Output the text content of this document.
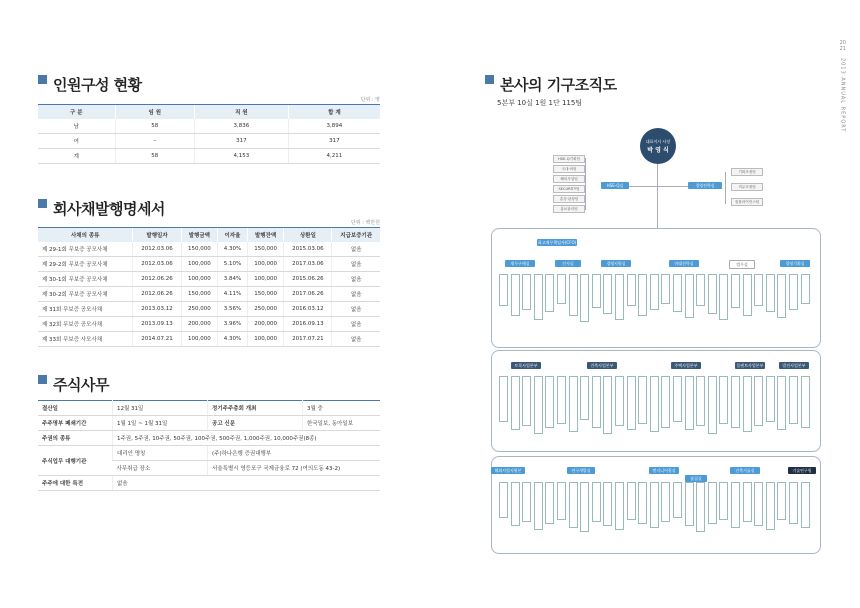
인원구성 현황
단위 : 명
구 분	임 원	직 원	합 계
남	58	3,836	3,894
여	–	317	317
계	58	4,153	4,211
회사채발행명세서
단위 : 백만원
사채의 종류	발행일자	발행금액	이자율	발행잔액	상환일	지급보증기관
제 29-1회 무보증 공모사채	2012.03.06	150,000	4.30%	150,000	2015.03.06	없음
제 29-2회 무보증 공모사채	2012.03.06	100,000	5.10%	100,000	2017.03.06	없음
제 30-1회 무보증 공모사채	2012.06.26	100,000	3.84%	100,000	2015.06.26	없음
제 30-2회 무보증 공모사채	2012.06.26	150,000	4.11%	150,000	2017.06.26	없음
제 31회 무보증 공모사채	2013.03.12	250,000	3.56%	250,000	2016.03.12	없음
제 32회 무보증 공모사채	2013.09.13	200,000	3.96%	200,000	2016.09.13	없음
제 33회 무보증 사모사채	2014.07.21	100,000	4.30%	100,000	2017.07.21	없음
주식사무
결산일	12월 31일	정기주주총회 개최	3월 중
주주명부 폐쇄기간	1월 1일 ~ 1월 31일	공고 신문	한국일보, 동아일보
주권의 종류	1주권, 5주권, 10주권, 50주권, 100주권, 500주권, 1,000주권, 10,000주권(8종)		
주식업무 대행기관	대리인 명칭	(주)하나은행 증권대행부	
	사무취급 장소	서울특별시 영등포구 국제금융로 72 (여의도동 43-2)	
주주에 대한 특전	없음		
본사의 기구조직도
5본부 10실 1원 1단 115팀
대표이사 사장
박 영 식
HSE-Q기획팀
국내·외팀
해외사업팀
SECURITY팀
총칭·관청팀
홍보관리팀
HSE-Q실	경영전략실
기획조정팀
직무조정팀
컴플라이언스팀
최고재무책임자(CFO)
재무구매실	인사실	경영지원실	미래전략실	법무실	경영기획실
토목사업본부	건축사업본부	주택사업본부	플랜트사업본부	발전사업본부
해외사업지원본	연구개발실	엔지니어링실
품질실
건축기술실	기술연구원
20
21
2013 ANNUAL REPORT
